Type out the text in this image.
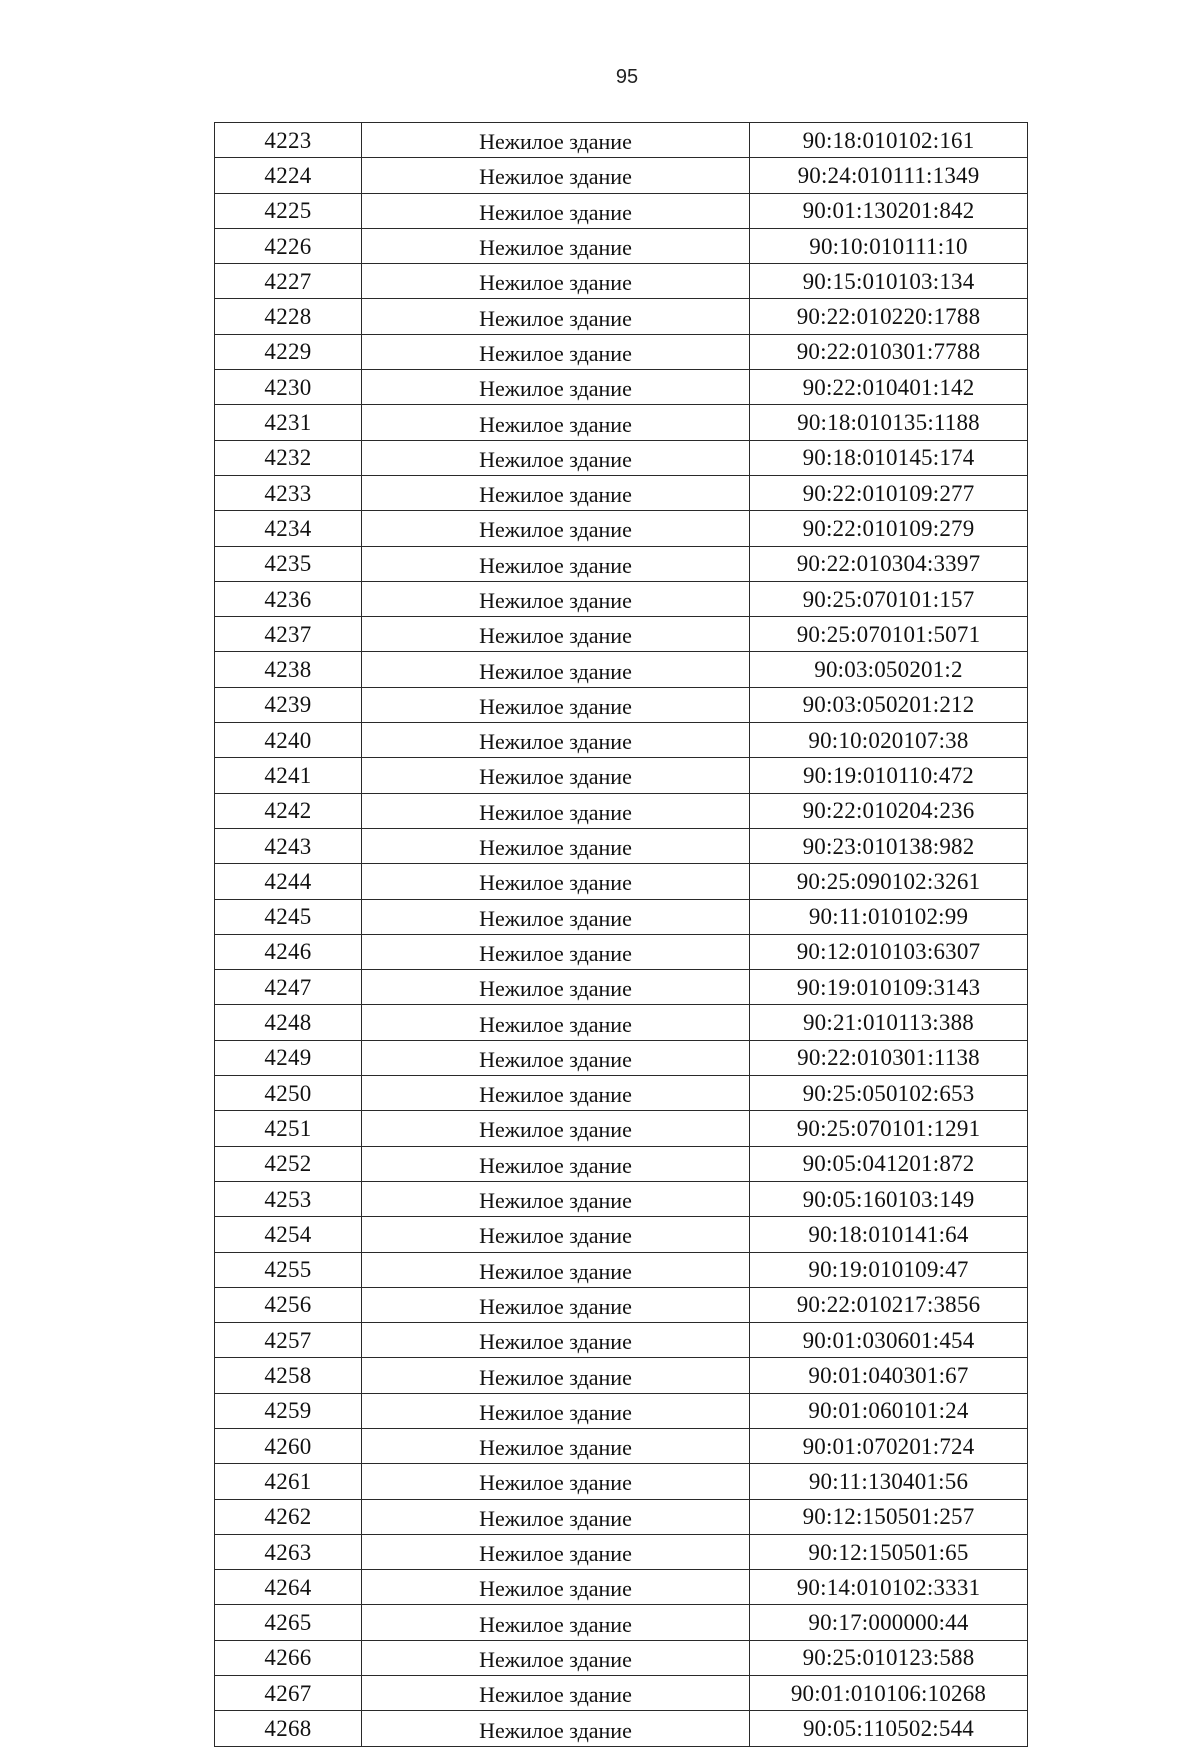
95
4223	Нежилое здание	90:18:010102:161
4224	Нежилое здание	90:24:010111:1349
4225	Нежилое здание	90:01:130201:842
4226	Нежилое здание	90:10:010111:10
4227	Нежилое здание	90:15:010103:134
4228	Нежилое здание	90:22:010220:1788
4229	Нежилое здание	90:22:010301:7788
4230	Нежилое здание	90:22:010401:142
4231	Нежилое здание	90:18:010135:1188
4232	Нежилое здание	90:18:010145:174
4233	Нежилое здание	90:22:010109:277
4234	Нежилое здание	90:22:010109:279
4235	Нежилое здание	90:22:010304:3397
4236	Нежилое здание	90:25:070101:157
4237	Нежилое здание	90:25:070101:5071
4238	Нежилое здание	90:03:050201:2
4239	Нежилое здание	90:03:050201:212
4240	Нежилое здание	90:10:020107:38
4241	Нежилое здание	90:19:010110:472
4242	Нежилое здание	90:22:010204:236
4243	Нежилое здание	90:23:010138:982
4244	Нежилое здание	90:25:090102:3261
4245	Нежилое здание	90:11:010102:99
4246	Нежилое здание	90:12:010103:6307
4247	Нежилое здание	90:19:010109:3143
4248	Нежилое здание	90:21:010113:388
4249	Нежилое здание	90:22:010301:1138
4250	Нежилое здание	90:25:050102:653
4251	Нежилое здание	90:25:070101:1291
4252	Нежилое здание	90:05:041201:872
4253	Нежилое здание	90:05:160103:149
4254	Нежилое здание	90:18:010141:64
4255	Нежилое здание	90:19:010109:47
4256	Нежилое здание	90:22:010217:3856
4257	Нежилое здание	90:01:030601:454
4258	Нежилое здание	90:01:040301:67
4259	Нежилое здание	90:01:060101:24
4260	Нежилое здание	90:01:070201:724
4261	Нежилое здание	90:11:130401:56
4262	Нежилое здание	90:12:150501:257
4263	Нежилое здание	90:12:150501:65
4264	Нежилое здание	90:14:010102:3331
4265	Нежилое здание	90:17:000000:44
4266	Нежилое здание	90:25:010123:588
4267	Нежилое здание	90:01:010106:10268
4268	Нежилое здание	90:05:110502:544
